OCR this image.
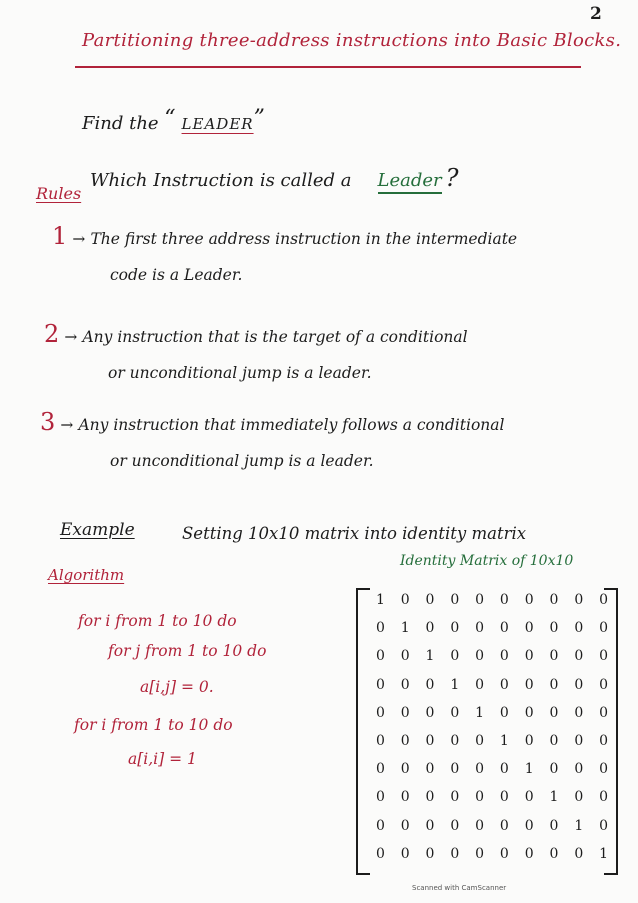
2
Partitioning three-address instructions into Basic Blocks.
Find the “ LEADER”
Which Instruction is called a Leader ?
Rules
1 → The first three address instruction in the intermediate
code is a Leader.
2 → Any instruction that is the target of a conditional
or unconditional jump is a leader.
3 → Any instruction that immediately follows a conditional
or unconditional jump is a leader.
Example	Setting 10x10 matrix into identity matrix
Algorithm
for i from 1 to 10 do
for j from 1 to 10 do
a[i,j] = 0.
for i from 1 to 10 do
a[i,i] = 1
Identity Matrix of 10x10
1	0	0	0	0	0	0	0	0	0
0	1	0	0	0	0	0	0	0	0
0	0	1	0	0	0	0	0	0	0
0	0	0	1	0	0	0	0	0	0
0	0	0	0	1	0	0	0	0	0
0	0	0	0	0	1	0	0	0	0
0	0	0	0	0	0	1	0	0	0
0	0	0	0	0	0	0	1	0	0
0	0	0	0	0	0	0	0	1	0
0	0	0	0	0	0	0	0	0	1
Scanned with CamScanner
